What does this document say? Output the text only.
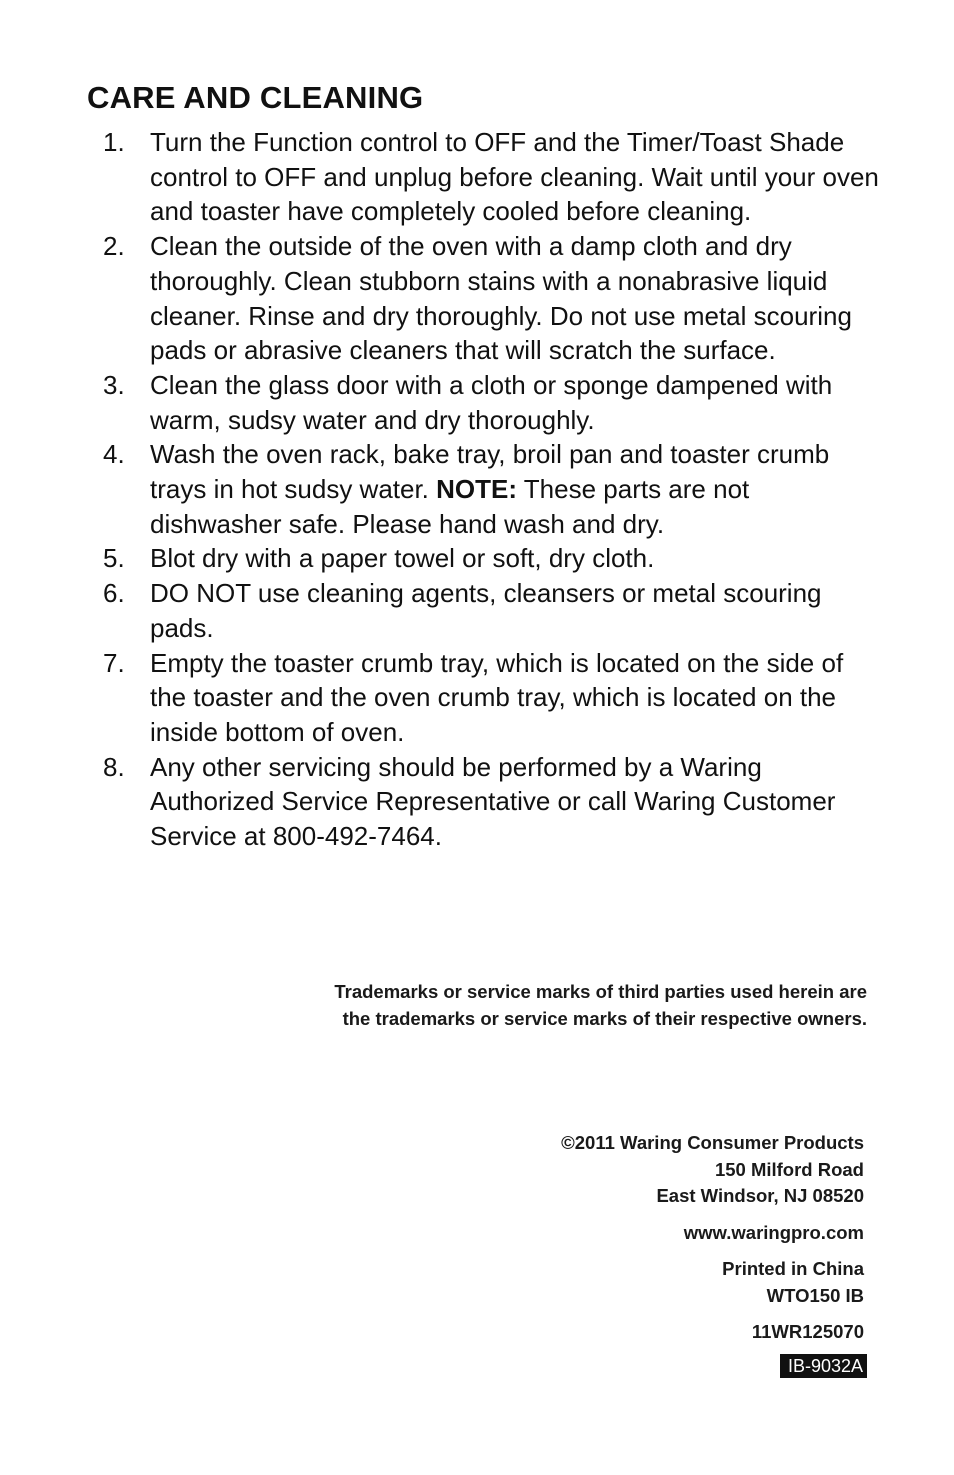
CARE AND CLEANING
1. Turn the Function control to OFF and the Timer/Toast Shade control to OFF and unplug before cleaning. Wait until your oven and toaster have completely cooled before cleaning.
2. Clean the outside of the oven with a damp cloth and dry thoroughly. Clean stubborn stains with a nonabrasive liquid cleaner. Rinse and dry thoroughly. Do not use metal scouring pads or abrasive cleaners that will scratch the surface.
3. Clean the glass door with a cloth or sponge dampened with warm, sudsy water and dry thoroughly.
4. Wash the oven rack, bake tray, broil pan and toaster crumb trays in hot sudsy water. NOTE: These parts are not dishwasher safe. Please hand wash and dry.
5. Blot dry with a paper towel or soft, dry cloth.
6. DO NOT use cleaning agents, cleansers or metal scouring pads.
7. Empty the toaster crumb tray, which is located on the side of the toaster and the oven crumb tray, which is located on the inside bottom of oven.
8. Any other servicing should be performed by a Waring Authorized Service Representative or call Waring Customer Service at 800-492-7464.
Trademarks or service marks of third parties used herein are
the trademarks or service marks of their respective owners.
©2011 Waring Consumer Products
150 Milford Road
East Windsor, NJ 08520
www.waringpro.com
Printed in China
WTO150 IB
11WR125070
IB-9032A
